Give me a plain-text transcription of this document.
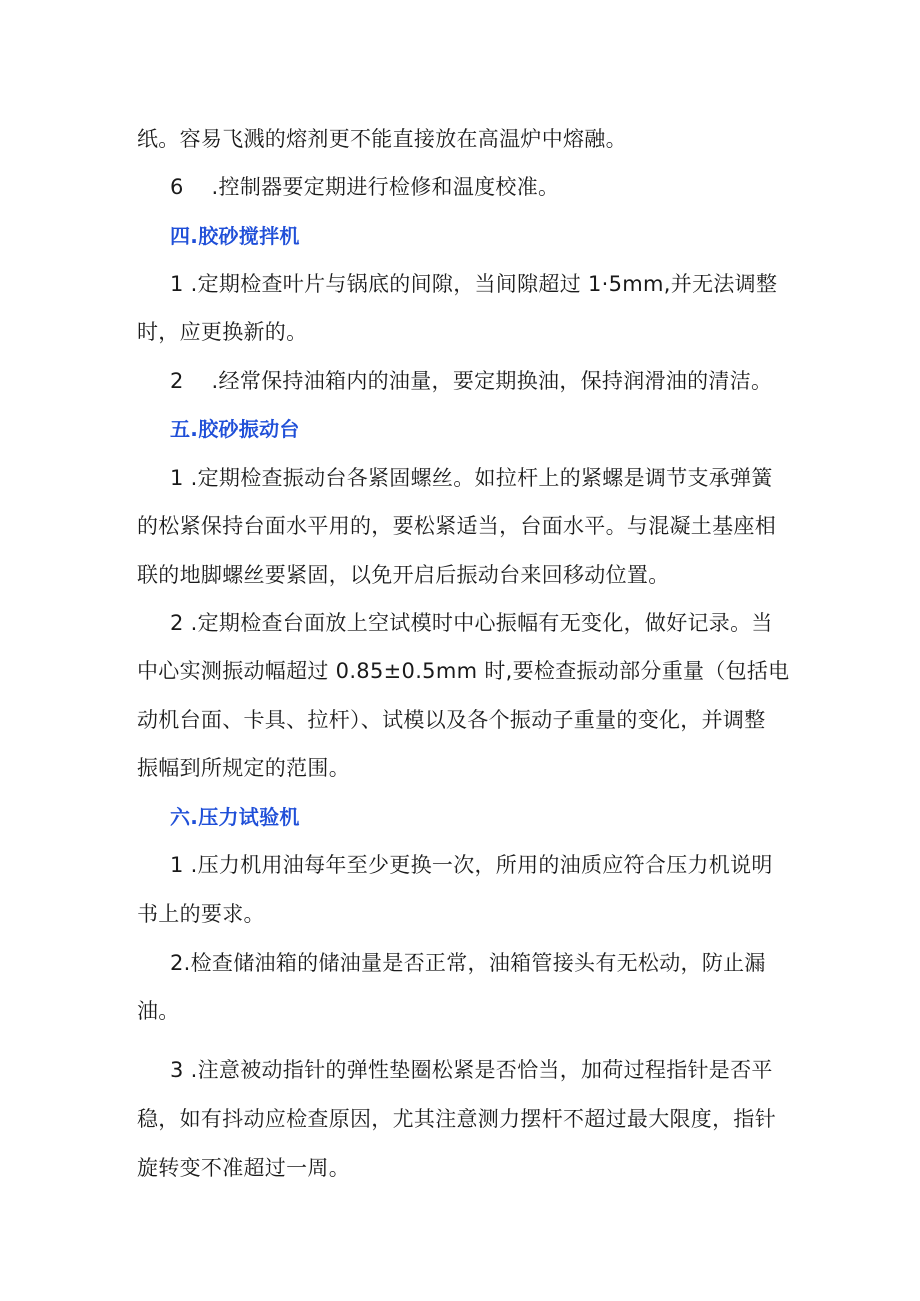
纸。容易飞溅的熔剂更不能直接放在高温炉中熔融。
6    .控制器要定期进行检修和温度校准。
四.胶砂搅拌机
1 .定期检查叶片与锅底的间隙，当间隙超过 1·5mm,并无法调整
时，应更换新的。
2    .经常保持油箱内的油量，要定期换油，保持润滑油的清洁。
五.胶砂振动台
1 .定期检查振动台各紧固螺丝。如拉杆上的紧螺是调节支承弹簧
的松紧保持台面水平用的，要松紧适当，台面水平。与混凝土基座相
联的地脚螺丝要紧固，以免开启后振动台来回移动位置。
2 .定期检查台面放上空试模时中心振幅有无变化，做好记录。当
中心实测振动幅超过 0.85±0.5mm 时,要检查振动部分重量（包括电
动机台面、卡具、拉杆）、试模以及各个振动子重量的变化，并调整
振幅到所规定的范围。
六.压力试验机
1 .压力机用油每年至少更换一次，所用的油质应符合压力机说明
书上的要求。
2.检查储油箱的储油量是否正常，油箱管接头有无松动，防止漏
油。
3 .注意被动指针的弹性垫圈松紧是否恰当，加荷过程指针是否平
稳，如有抖动应检查原因，尤其注意测力摆杆不超过最大限度，指针
旋转变不准超过一周。
